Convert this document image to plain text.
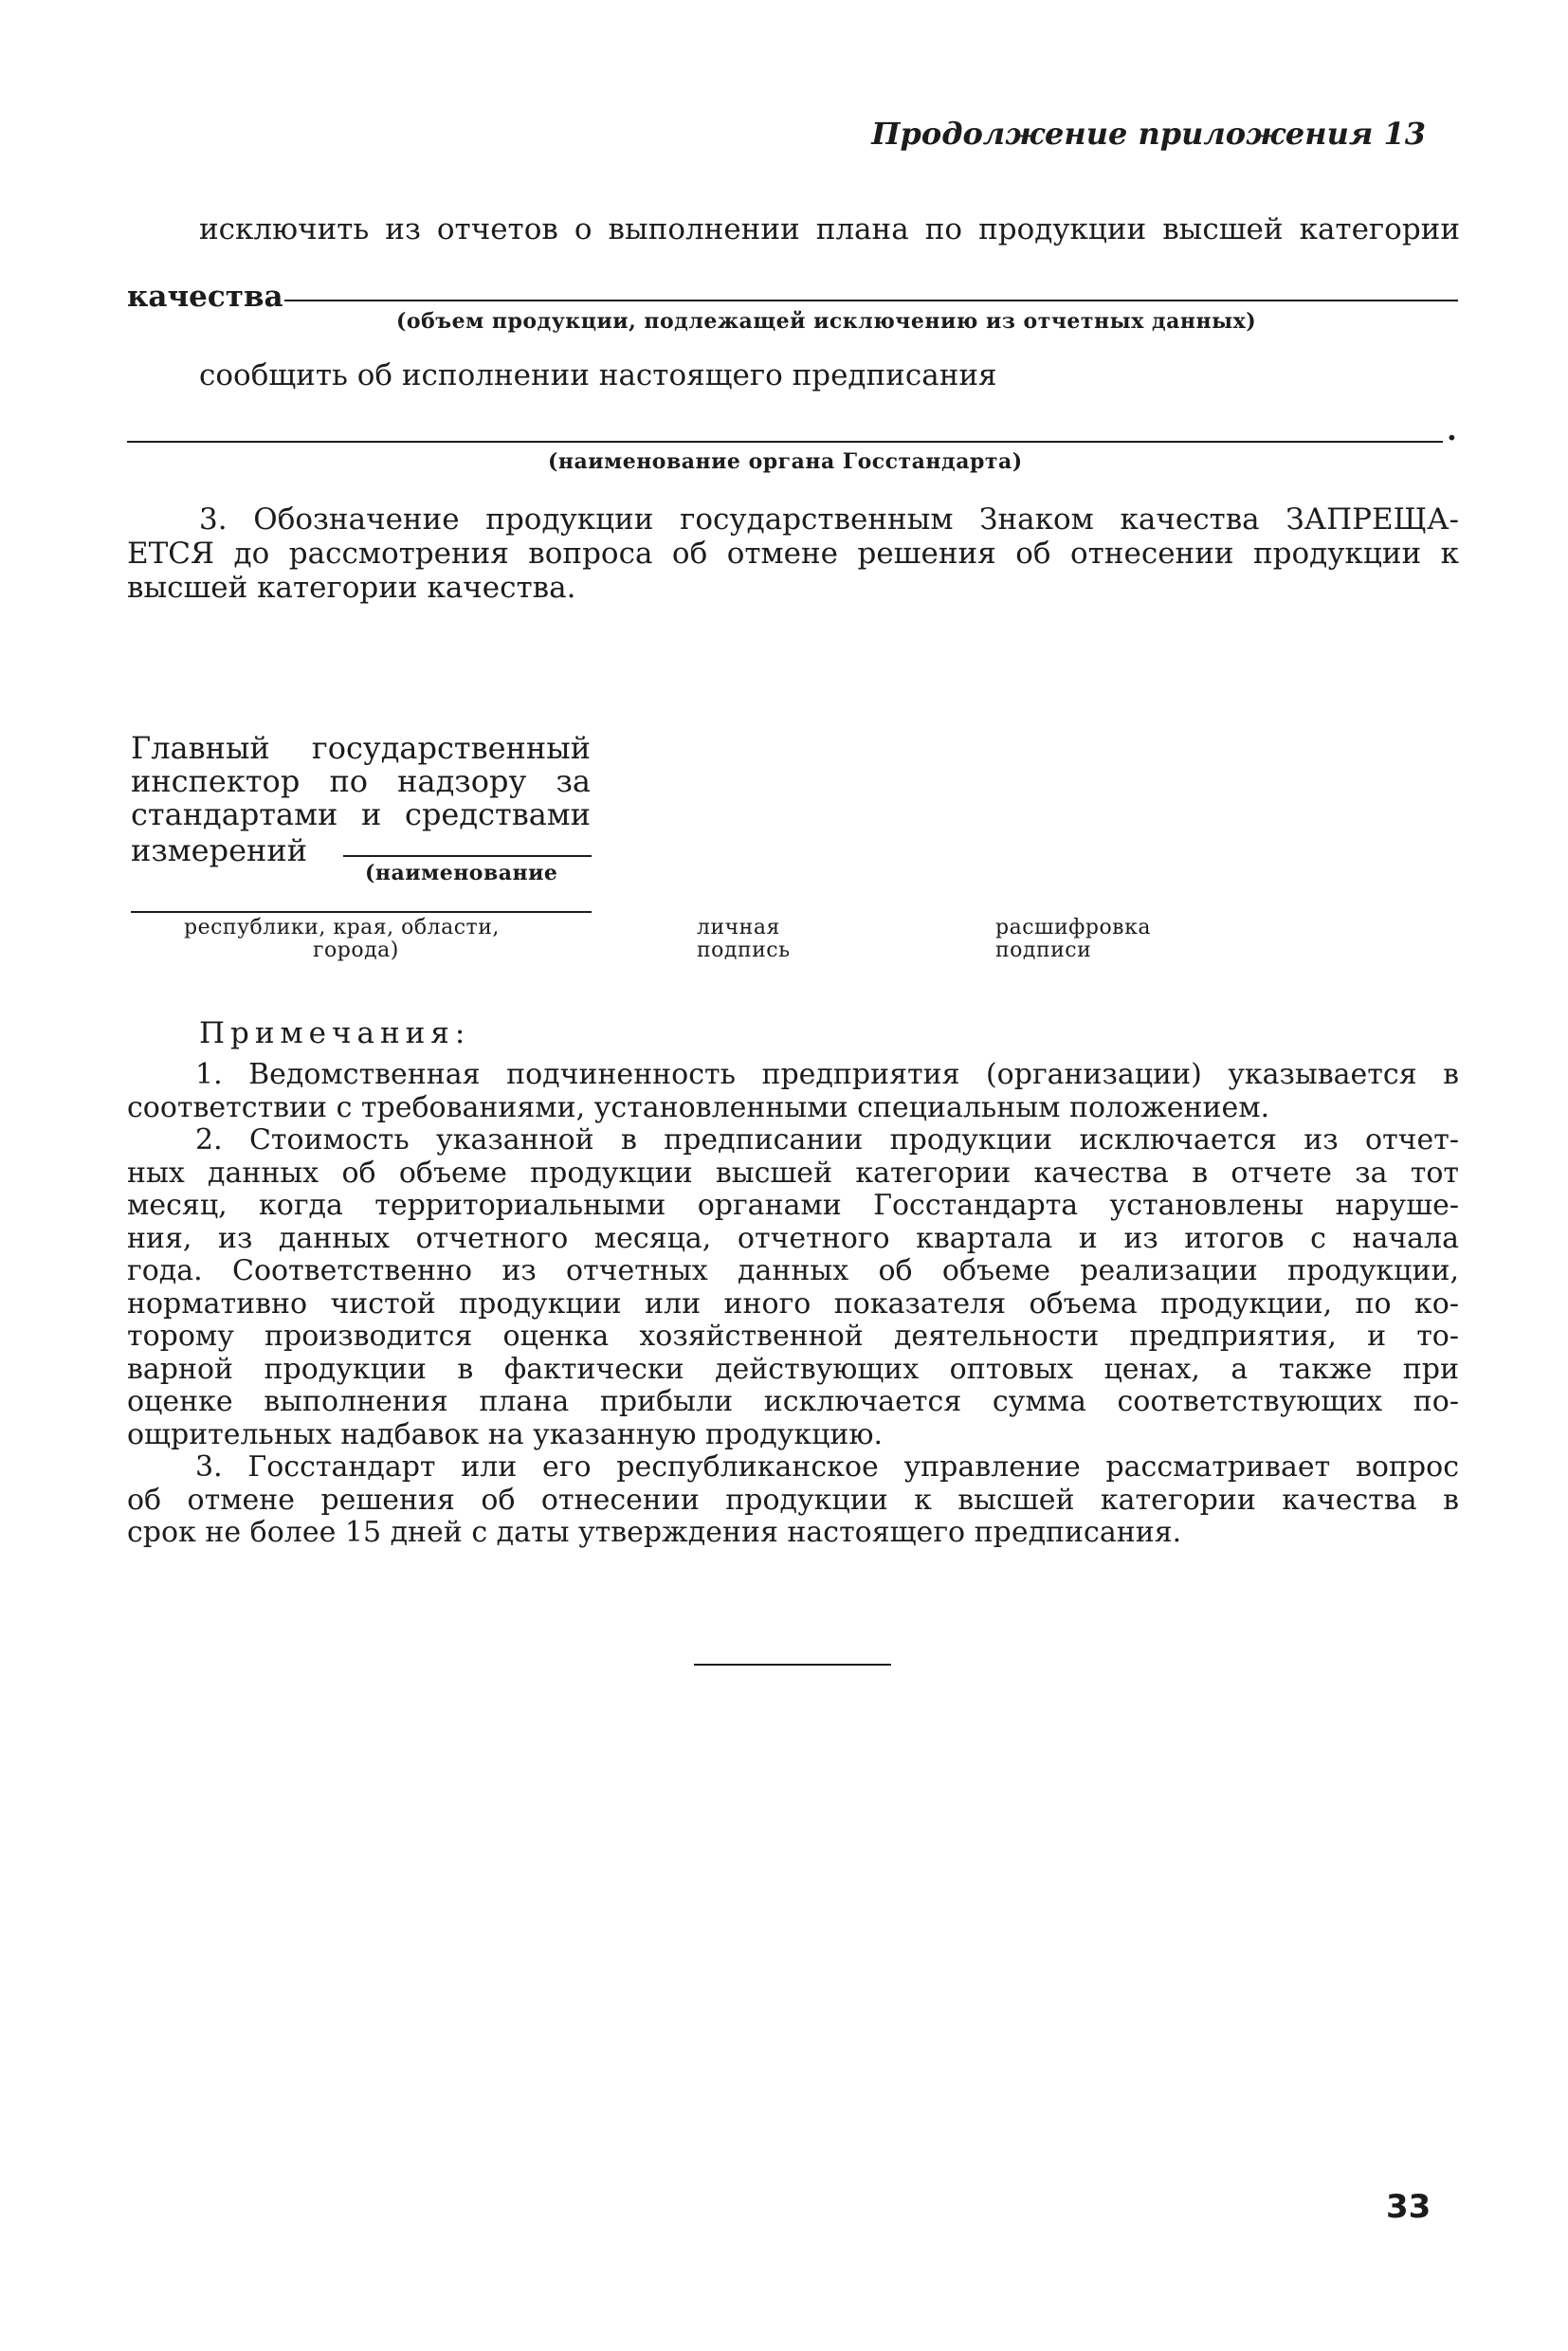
Продолжение приложения 13
исключить из отчетов о выполнении плана по продукции высшей категории
качества
(объем продукции, подлежащей исключению из отчетных данных)
сообщить об исполнении настоящего предписания
.
(наименование органа Госстандарта)
3. Обозначение продукции государственным Знаком качества ЗАПРЕЩА-
ЕТСЯ до рассмотрения вопроса об отмене решения об отнесении продукции к
высшей категории качества.
Главный государственный
инспектор по надзору за
стандартами и средствами
измерений
(наименование
республики, края, области,
города)
личная
подпись
расшифровка
подписи
Примечания:
1. Ведомственная подчиненность предприятия (организации) указывается в
соответствии с требованиями, установленными специальным положением.
2. Стоимость указанной в предписании продукции исключается из отчет-
ных данных об объеме продукции высшей категории качества в отчете за тот
месяц, когда территориальными органами Госстандарта установлены наруше-
ния, из данных отчетного месяца, отчетного квартала и из итогов с начала
года. Соответственно из отчетных данных об объеме реализации продукции,
нормативно чистой продукции или иного показателя объема продукции, по ко-
торому производится оценка хозяйственной деятельности предприятия, и то-
варной продукции в фактически действующих оптовых ценах, а также при
оценке выполнения плана прибыли исключается сумма соответствующих по-
ощрительных надбавок на указанную продукцию.
3. Госстандарт или его республиканское управление рассматривает вопрос
об отмене решения об отнесении продукции к высшей категории качества в
срок не более 15 дней с даты утверждения настоящего предписания.
33
